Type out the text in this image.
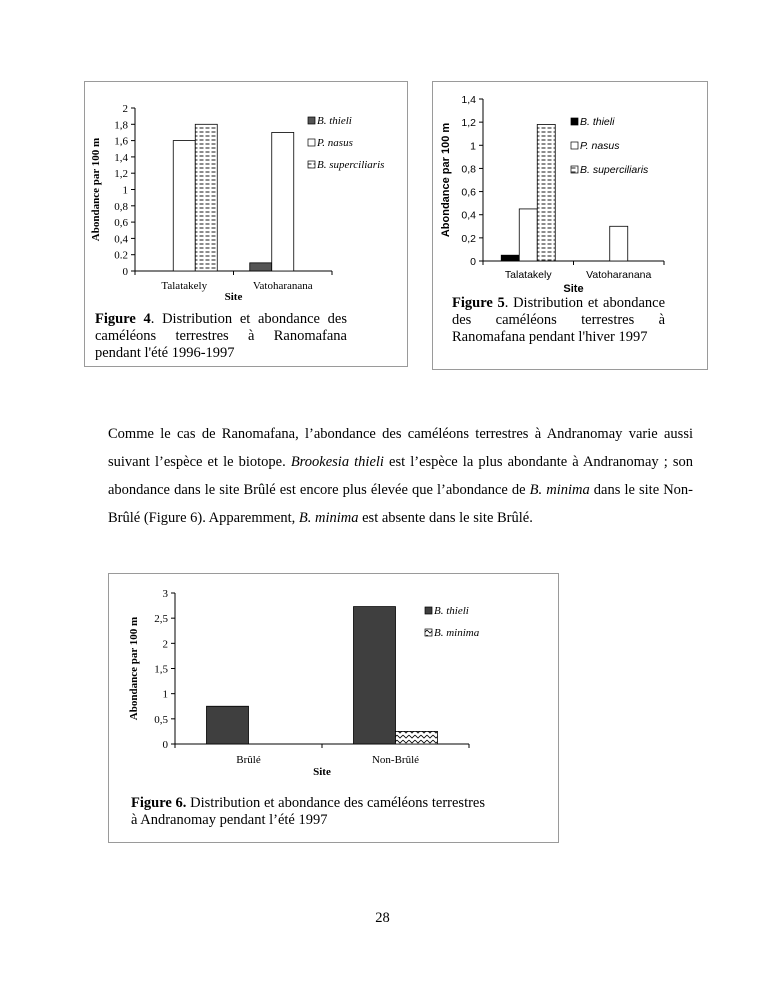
0
0.2
0,4
0,6
0,8
1
1,2
1,4
1,6
1,8
2
Talatakely	Vatoharanana
Site
Abondance par 100 m
B. thieli
P. nasus
B. superciliaris
Figure 4. Distribution et abondance des caméléons terrestres à Ranomafana pendant l'été 1996-1997
0
0,2
0,4
0,6
0,8
1
1,2
1,4
Talatakely	Vatoharanana
Site
Abondance par 100 m
B. thieli
P. nasus
B. superciliaris
Figure 5. Distribution et abondance des caméléons terrestres à Ranomafana pendant l'hiver 1997
Comme le cas de Ranomafana, l’abondance des caméléons terrestres à Andranomay varie aussi suivant l’espèce et le biotope. Brookesia thieli est l’espèce la plus abondante à Andranomay ; son abondance dans le site Brûlé est encore plus élevée que l’abondance de B. minima dans le site Non-Brûlé (Figure 6). Apparemment, B. minima est absente dans le site Brûlé.
0
0,5
1
1,5
2
2,5
3
Brûlé	Non-Brûlé
Site
Abondance par 100 m
B. thieli
B. minima
Figure 6. Distribution et abondance des caméléons terrestres à Andranomay pendant l’été 1997
28
